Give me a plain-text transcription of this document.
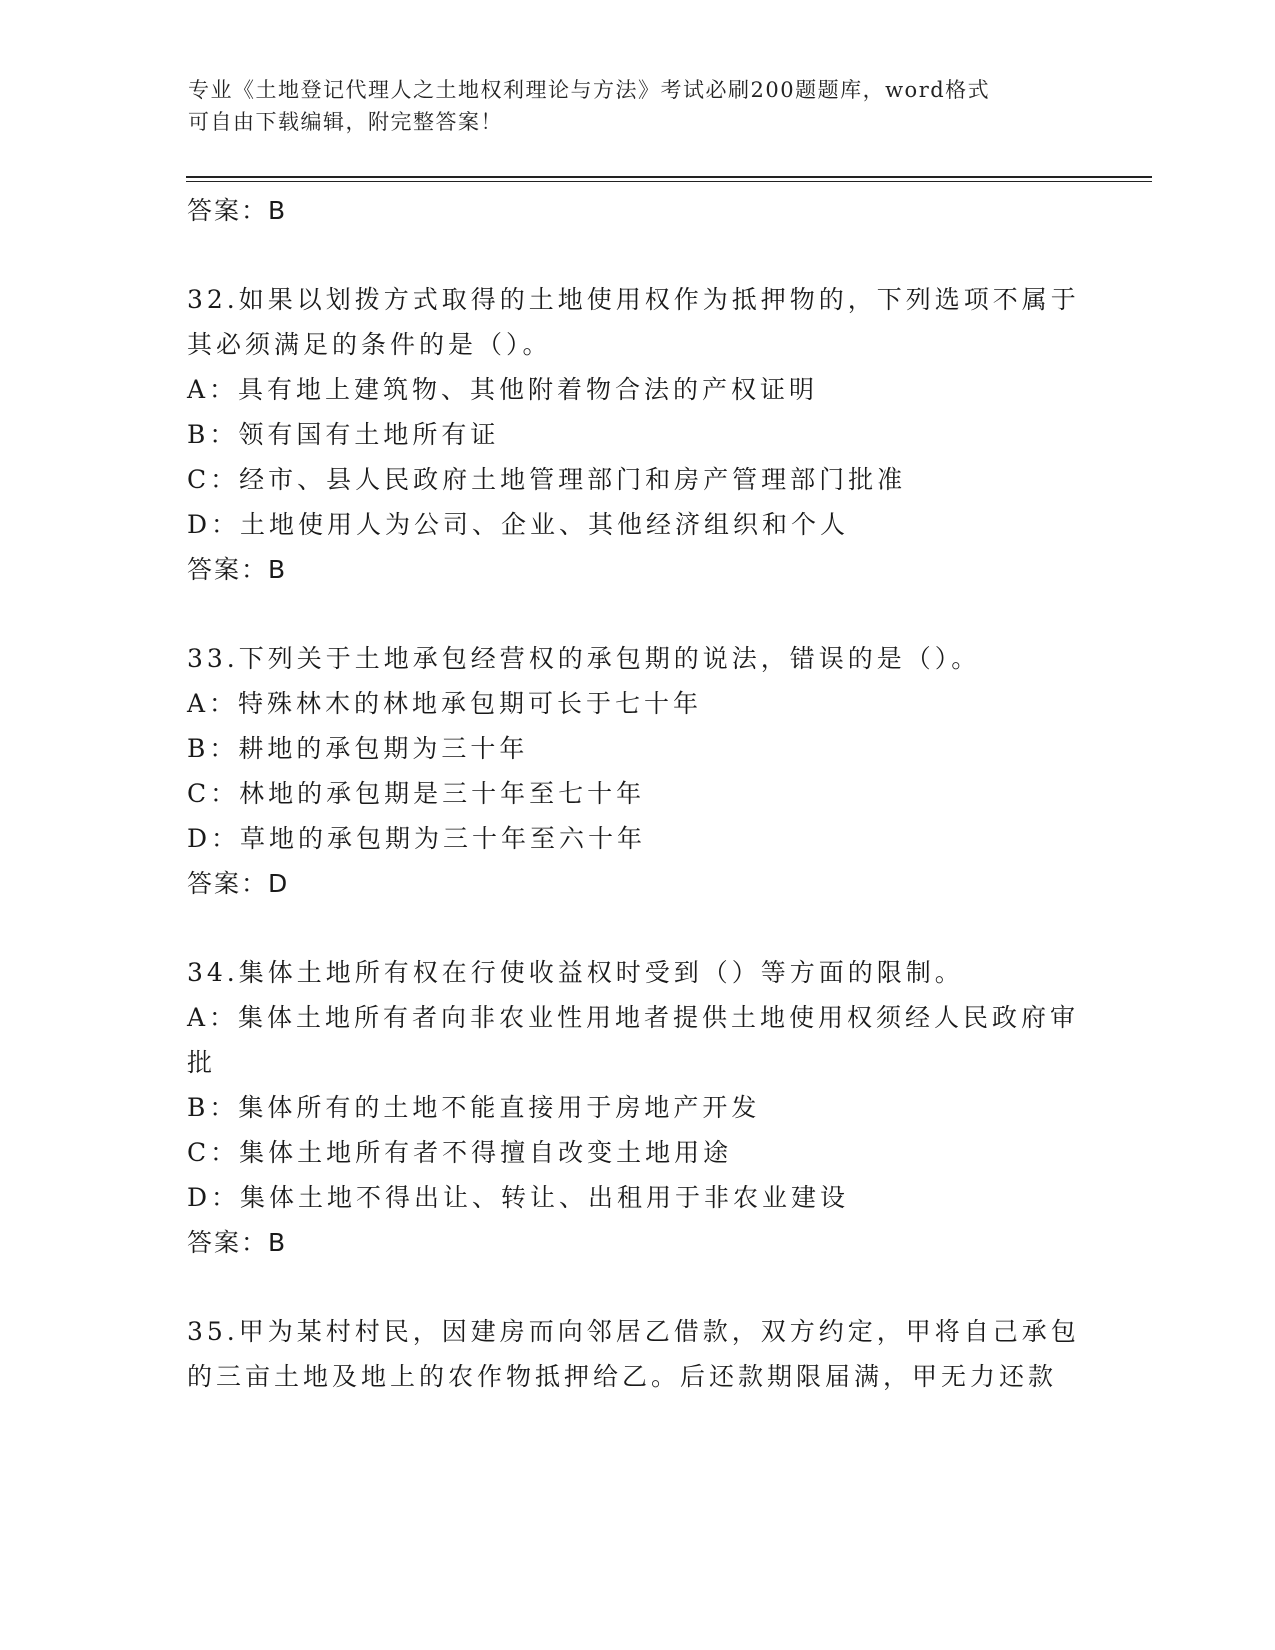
专业《土地登记代理人之土地权利理论与方法》考试必刷200题题库，word格式
可自由下载编辑，附完整答案！
答案：B
32.如果以划拨方式取得的土地使用权作为抵押物的，下列选项不属于
其必须满足的条件的是（）。
A：具有地上建筑物、其他附着物合法的产权证明
B：领有国有土地所有证
C：经市、县人民政府土地管理部门和房产管理部门批准
D：土地使用人为公司、企业、其他经济组织和个人
答案：B
33.下列关于土地承包经营权的承包期的说法，错误的是（）。
A：特殊林木的林地承包期可长于七十年
B：耕地的承包期为三十年
C：林地的承包期是三十年至七十年
D：草地的承包期为三十年至六十年
答案：D
34.集体土地所有权在行使收益权时受到（）等方面的限制。
A：集体土地所有者向非农业性用地者提供土地使用权须经人民政府审
批
B：集体所有的土地不能直接用于房地产开发
C：集体土地所有者不得擅自改变土地用途
D：集体土地不得出让、转让、出租用于非农业建设
答案：B
35.甲为某村村民，因建房而向邻居乙借款，双方约定，甲将自己承包
的三亩土地及地上的农作物抵押给乙。后还款期限届满，甲无力还款
